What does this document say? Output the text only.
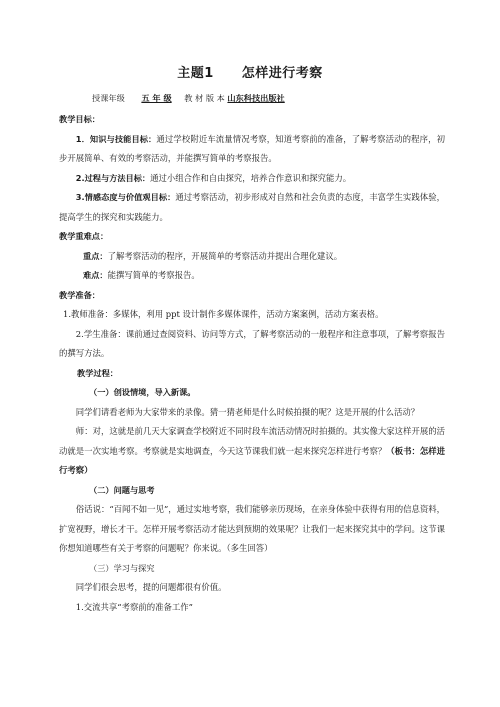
主题1 怎样进行考察
授课年级 五 年 级 教 材 版 本 山东科技出版社

教学目标：

1．知识与技能目标：通过学校附近车流量情况考察，知道考察前的准备，了解考察活动的程序，初步开展简单、有效的考察活动，并能撰写简单的考察报告。

2.过程与方法目标：通过小组合作和自由探究，培养合作意识和探究能力。

3.情感态度与价值观目标：通过考察活动，初步形成对自然和社会负责的态度，丰富学生实践体验，提高学生的探究和实践能力。

教学重难点：

重点：了解考察活动的程序，开展简单的考察活动并提出合理化建议。

难点：能撰写简单的考察报告。

教学准备：

1.教师准备：多媒体，利用 ppt 设计制作多媒体课件，活动方案案例，活动方案表格。

2.学生准备：课前通过查阅资料、访问等方式，了解考察活动的一般程序和注意事项，了解考察报告的撰写方法。

教学过程：

（一）创设情境，导入新课。

同学们请看老师为大家带来的录像。猜一猜老师是什么时候拍摄的呢？这是开展的什么活动？

师：对，这就是前几天大家调查学校附近不同时段车流活动情况时拍摄的。其实像大家这样开展的活动就是一次实地考察。考察就是实地调查，今天这节课我们就一起来探究怎样进行考察？（板书：怎样进行考察）

（二）问题与思考

俗话说：“百闻不如一见”，通过实地考察，我们能够亲历现场，在亲身体验中获得有用的信息资料，扩宽视野，增长才干。怎样开展考察活动才能达到预期的效果呢？让我们一起来探究其中的学问。这节课你想知道哪些有关于考察的问题呢？你来说。（多生回答）

（三）学习与探究

同学们很会思考，提的问题都很有价值。

1.交流共享“考察前的准备工作”
